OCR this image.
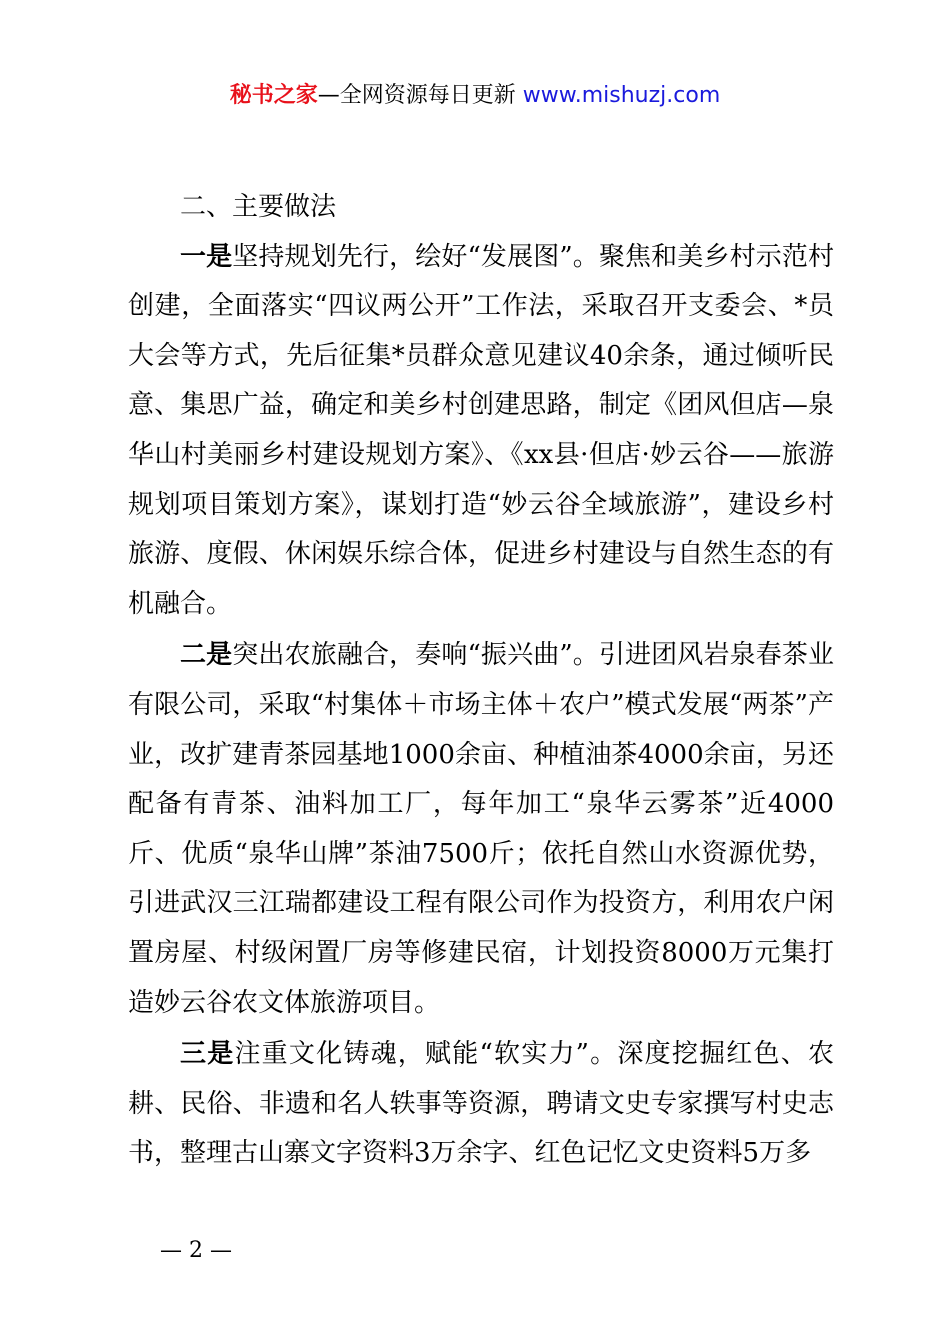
秘书之家—全网资源每日更新 www.mishuzj.com

二、主要做法

一是坚持规划先行，绘好“发展图”。聚焦和美乡村示范村创建，全面落实“四议两公开”工作法，采取召开支委会、*员大会等方式，先后征集*员群众意见建议40余条，通过倾听民意、集思广益，确定和美乡村创建思路，制定《团风但店—泉华山村美丽乡村建设规划方案》、《xx县·但店·妙云谷——旅游规划项目策划方案》，谋划打造“妙云谷全域旅游”，建设乡村旅游、度假、休闲娱乐综合体，促进乡村建设与自然生态的有机融合。

二是突出农旅融合，奏响“振兴曲”。引进团风岩泉春茶业有限公司，采取“村集体＋市场主体＋农户”模式发展“两茶”产业，改扩建青茶园基地1000余亩、种植油茶4000余亩，另还配备有青茶、油料加工厂，每年加工“泉华云雾茶”近4000斤、优质“泉华山牌”茶油7500斤；依托自然山水资源优势，引进武汉三江瑞都建设工程有限公司作为投资方，利用农户闲置房屋、村级闲置厂房等修建民宿，计划投资8000万元集打造妙云谷农文体旅游项目。

三是注重文化铸魂，赋能“软实力”。深度挖掘红色、农耕、民俗、非遗和名人轶事等资源，聘请文史专家撰写村史志书，整理古山寨文字资料3万余字、红色记忆文史资料5万多

— 2 —
